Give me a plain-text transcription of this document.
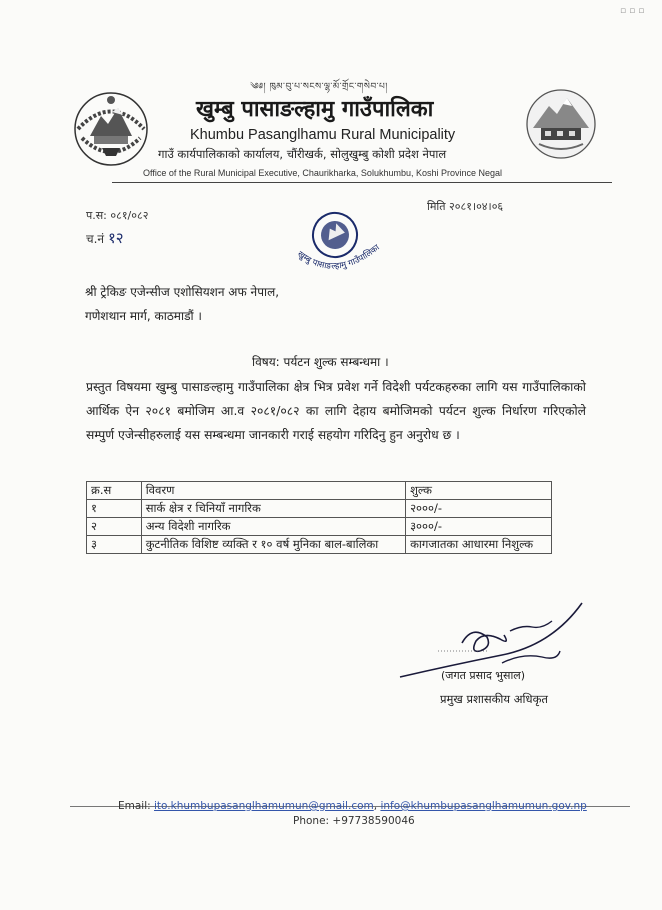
▫▫▫
༄༅། ཁུམ་བུ་པ་སངས་ལྷ་མོ་གྲོང་གསེབ་པ།
खुम्बु पासाङल्हामु गाउँपालिका
Khumbu Pasanglhamu Rural Municipality
गाउँ कार्यपालिकाको कार्यालय, चौंरीखर्क, सोलुखुम्बु कोशी प्रदेश नेपाल
Office of the Rural Municipal Executive, Chaurikharka, Solukhumbu, Koshi Province Negal
प.स: ०८१/०८२
च.नं १२
मिति २०८१।०४।०६
खुम्बु पासाङल्हामु गाउँपालिका
श्री ट्रेकिङ एजेन्सीज एशोसियशन अफ नेपाल,
गणेशथान मार्ग, काठमाडौं ।
विषय: पर्यटन शुल्क सम्बन्धमा ।
प्रस्तुत विषयमा खुम्बु पासाङल्हामु गाउँपालिका क्षेत्र भित्र प्रवेश गर्ने विदेशी पर्यटकहरुका लागि यस गाउँपालिकाको आर्थिक ऐन २०८१ बमोजिम आ.व २०८१/०८२ का लागि देहाय बमोजिमको पर्यटन शुल्क निर्धारण गरिएकोले सम्पुर्ण एजेन्सीहरुलाई यस सम्बन्धमा जानकारी गराई सहयोग गरिदिनु हुन अनुरोध छ ।
क्र.स	विवरण	शुल्क
१	सार्क क्षेत्र र चिनियाँ नागरिक	२०००/-
२	अन्य विदेशी नागरिक	३०००/-
३	कुटनीतिक विशिष्ट व्यक्ति र १० वर्ष मुनिका बाल-बालिका	कागजातका आधारमा निशुल्क
(जगत प्रसाद भुसाल)
प्रमुख प्रशासकीय अधिकृत
Email: ito.khumbupasanglhamumun@gmail.com, info@khumbupasanglhamumun.gov.np
Phone: +97738590046
